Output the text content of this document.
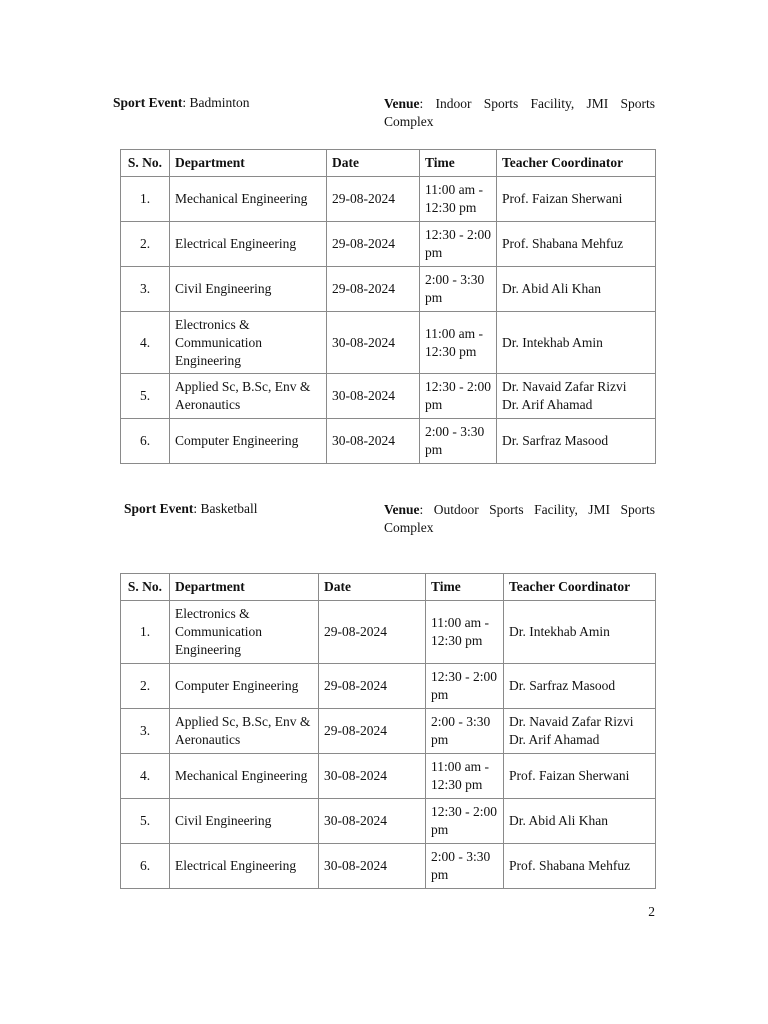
Sport Event: Badminton	Venue: Indoor Sports Facility, JMI Sports Complex
S. No.	Department	Date	Time	Teacher Coordinator
1.	Mechanical Engineering	29-08-2024	11:00 am - 12:30 pm	Prof. Faizan Sherwani
2.	Electrical Engineering	29-08-2024	12:30 - 2:00 pm	Prof. Shabana Mehfuz
3.	Civil Engineering	29-08-2024	2:00 - 3:30 pm	Dr. Abid Ali Khan
4.	Electronics & Communication Engineering	30-08-2024	11:00 am - 12:30 pm	Dr. Intekhab Amin
5.	Applied Sc, B.Sc, Env & Aeronautics	30-08-2024	12:30 - 2:00 pm	Dr. Navaid Zafar Rizvi
Dr. Arif Ahamad
6.	Computer Engineering	30-08-2024	2:00 - 3:30 pm	Dr. Sarfraz Masood
Sport Event: Basketball	Venue: Outdoor Sports Facility, JMI Sports Complex
S. No.	Department	Date	Time	Teacher Coordinator
1.	Electronics & Communication Engineering	29-08-2024	11:00 am - 12:30 pm	Dr. Intekhab Amin
2.	Computer Engineering	29-08-2024	12:30 - 2:00 pm	Dr. Sarfraz Masood
3.	Applied Sc, B.Sc, Env & Aeronautics	29-08-2024	2:00 - 3:30 pm	Dr. Navaid Zafar Rizvi
Dr. Arif Ahamad
4.	Mechanical Engineering	30-08-2024	11:00 am - 12:30 pm	Prof. Faizan Sherwani
5.	Civil Engineering	30-08-2024	12:30 - 2:00 pm	Dr. Abid Ali Khan
6.	Electrical Engineering	30-08-2024	2:00 - 3:30 pm	Prof. Shabana Mehfuz
2
